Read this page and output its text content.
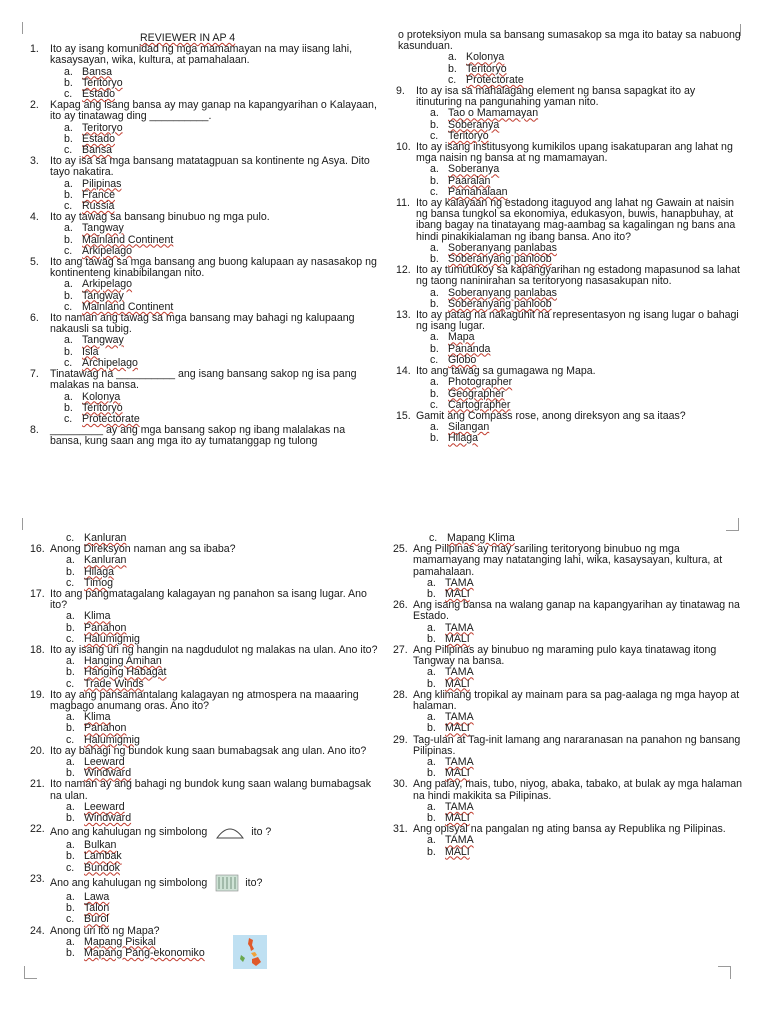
REVIEWER IN AP 4
1.	Ito ay isang komunidad ng mga mamamayan na may iisang lahi, kasaysayan, wika, kultura, at pamahalaan.
a. Bansa
b. Teritoryo
c. Estado
2.	Kapag ang isang bansa ay may ganap na kapangyarihan o Kalayaan, ito ay tinatawag ding __________.
a. Teritoryo
b. Estado
c. Bansa
3.	Ito ay isa sa mga bansang matatagpuan sa kontinente ng Asya. Dito tayo nakatira.
a. Pilipinas
b. France
c. Russia
4.	Ito ay tawag sa bansang binubuo ng mga pulo.
a. Tangway
b. Mainland Continent
c. Arkipelago
5.	Ito ang tawag sa mga bansang ang buong kalupaan ay nasasakop ng kontinenteng kinabibilangan nito.
a. Arkipelago
b. Tangway
c. Mainland Continent
6.	Ito naman ang tawag sa mga bansang may bahagi ng kalupaang nakausli sa tubig.
a. Tangway
b. Isla
c. Archipelago
7.	Tinatawag na __________ ang isang bansang sakop ng isa pang malakas na bansa.
a. Kolonya
b. Teritoryo
c. Protectorate
8.	_________ ay ang mga bansang sakop ng ibang malalakas na bansa, kung saan ang mga ito ay tumatanggap ng tulong
o proteksiyon mula sa bansang sumasakop sa mga ito batay sa nabuong kasunduan.
a. Kolonya
b. Teritoryo
c. Protectorate
9.	Ito ay isa sa mahalagang element ng bansa sapagkat ito ay itinuturing na pangunahing yaman nito.
a. Tao o Mamamayan
b. Soberanya
c. Teritoryo
10. Ito ay isang institusyong kumikilos upang isakatuparan ang lahat ng mga naisin ng bansa at ng mamamayan.
a. Soberanya
b. Paaralan
c. Pamahalaan
11. Ito ay kalayaan ng estadong itaguyod ang lahat ng Gawain at naisin ng bansa tungkol sa ekonomiya, edukasyon, buwis, hanapbuhay, at ibang bagay na tinatayang mag-aambag sa kagalingan ng bans ana hindi pinakikialaman ng ibang bansa. Ano ito?
a. Soberanyang panlabas
b. Soberanyang panloob
12. Ito ay tumutukoy sa kapangyarihan ng estadong mapasunod sa lahat ng taong naninirahan sa teritoryong nasasakupan nito.
a. Soberanyang panlabas
b. Soberanyang panloob
13. Ito ay patag na nakaguhit na representasyon ng isang lugar o bahagi ng isang lugar.
a. Mapa
b. Pananda
c. Globo
14. Ito ang tawag sa gumagawa ng Mapa.
a. Photographer
b. Geographer
c. Cartographer
15. Gamit ang Compass rose, anong direksyon ang sa itaas?
a. Silangan
b. Hilaga
c. Kanluran
16. Anong Direksyon naman ang sa ibaba?
a. Kanluran
b. Hilaga
c. Timog
17. Ito ang pangmatagalang kalagayan ng panahon sa isang lugar. Ano ito?
a. Klima
b. Panahon
c. Halumigmig
18. Ito ay isang uri ng hangin na nagdudulot ng malakas na ulan. Ano ito?
a. Hanging Amihan
b. Hanging Habagat
c. Trade Winds
19. Ito ay ang pansamantalang kalagayan ng atmospera na maaaring magbago anumang oras. Ano ito?
a. Klima
b. Panahon
c. Halumigmig
20. Ito ay bahagi ng bundok kung saan bumabagsak ang ulan. Ano ito?
a. Leeward
b. Windward
21. Ito naman ay ang bahagi ng bundok kung saan walang bumabagsak na ulan.
a. Leeward
b. Windward
22. Ano ang kahulugan ng simbolong	ito ?
a. Bulkan
b. Lambak
c. Bundok
23. Ano ang kahulugan ng simbolong	ito?
a. Lawa
b. Talon
c. Burol
24. Anong uri ito ng Mapa?
a. Mapang Pisikal
b. Mapang Pang-ekonomiko
c. Mapang Klima
25. Ang Pilipinas ay may sariling teritoryong binubuo ng mga mamamayang may natatanging lahi, wika, kasaysayan, kultura, at pamahalaan.
a. TAMA
b. MALI
26. Ang isang bansa na walang ganap na kapangyarihan ay tinatawag na Estado.
a. TAMA
b. MALI
27. Ang Pilipinas ay binubuo ng maraming pulo kaya tinatawag itong Tangway na bansa.
a. TAMA
b. MALI
28. Ang klimang tropikal ay mainam para sa pag-aalaga ng mga hayop at halaman.
a. TAMA
b. MALI
29. Tag-ulan at Tag-init lamang ang nararanasan na panahon ng bansang Pilipinas.
a. TAMA
b. MALI
30. Ang palay, mais, tubo, niyog, abaka, tabako, at bulak ay mga halaman na hindi makikita sa Pilipinas.
a. TAMA
b. MALI
31. Ang opisyal na pangalan ng ating bansa ay Republika ng Pilipinas.
a. TAMA
b. MALI
